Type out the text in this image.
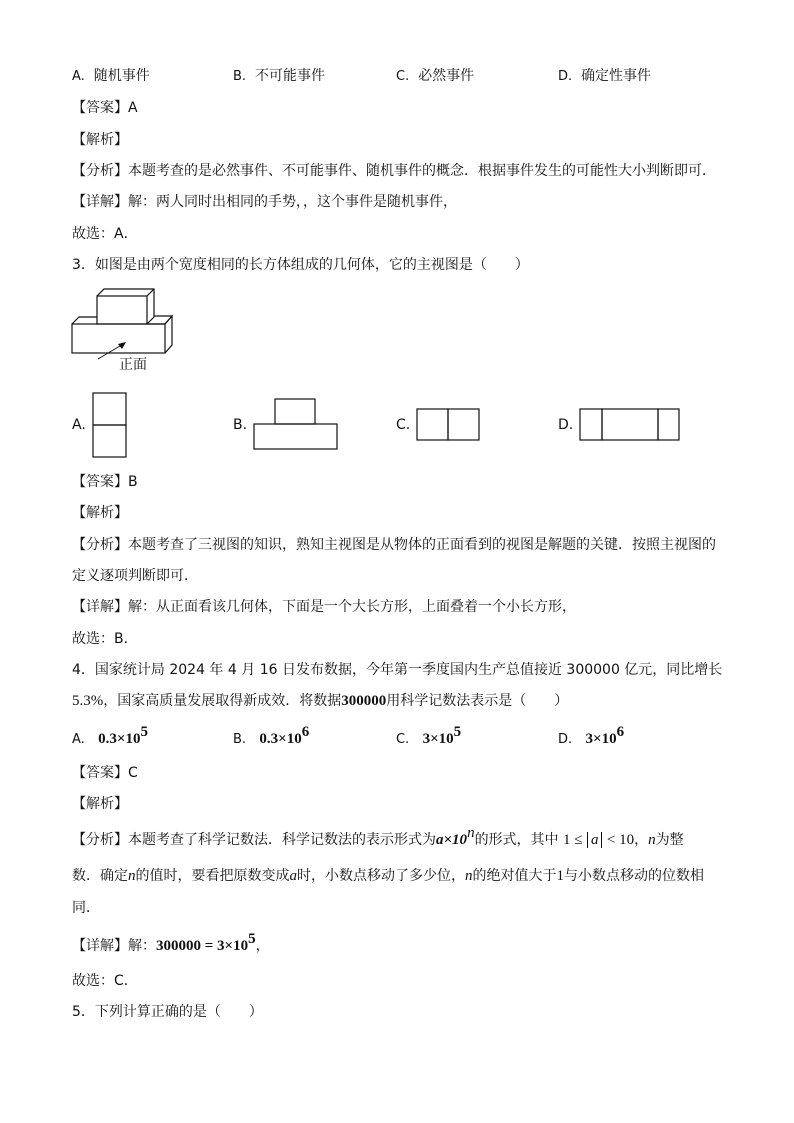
A. 随机事件	B. 不可能事件	C. 必然事件	D. 确定性事件
【答案】A
【解析】
【分析】本题考查的是必然事件、不可能事件、随机事件的概念．根据事件发生的可能性大小判断即可．
【详解】解：两人同时出相同的手势，，这个事件是随机事件，
故选：A．
3．如图是由两个宽度相同的长方体组成的几何体，它的主视图是（　　）
正面
A.	B.	C.	D.
【答案】B
【解析】
【分析】本题考查了三视图的知识，熟知主视图是从物体的正面看到的视图是解题的关键．按照主视图的
定义逐项判断即可．
【详解】解：从正面看该几何体，下面是一个大长方形，上面叠着一个小长方形，
故选：B．
4．国家统计局 2024 年 4 月 16 日发布数据，今年第一季度国内生产总值接近 300000 亿元，同比增长
5.3%，国家高质量发展取得新成效．将数据300000用科学记数法表示是（　　）
A. $0.3\times 10^5$	B. $0.3\times 10^6$	C. $3\times 10^5$	D. $3\times 10^6$
【答案】C
【解析】
【分析】本题考查了科学记数法．科学记数法的表示形式为$a\times 10^n$的形式，其中 1 ≤ a < 10，n为整
数．确定n的值时，要看把原数变成a时，小数点移动了多少位，n的绝对值大于1与小数点移动的位数相
同．
【详解】解：$300000 = 3\times 10^5$，
故选：C．
5．下列计算正确的是（　　）
